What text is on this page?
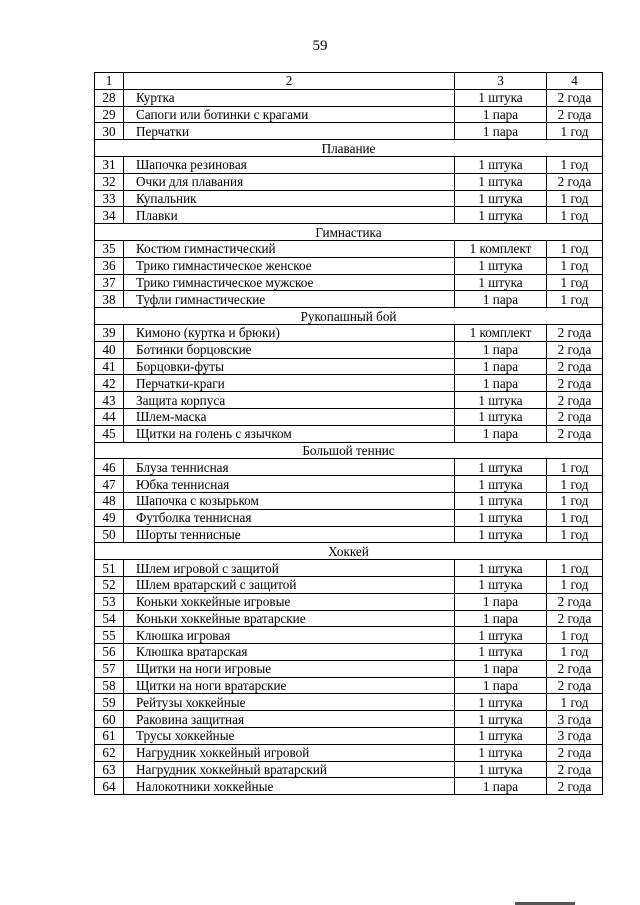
59
1	2	3	4
28	Куртка	1 штука	2 года
29	Сапоги или ботинки с крагами	1 пара	2 года
30	Перчатки	1 пара	1 год
Плавание			
31	Шапочка резиновая	1 штука	1 год
32	Очки для плавания	1 штука	2 года
33	Купальник	1 штука	1 год
34	Плавки	1 штука	1 год
Гимнастика			
35	Костюм гимнастический	1 комплект	1 год
36	Трико гимнастическое женское	1 штука	1 год
37	Трико гимнастическое мужское	1 штука	1 год
38	Туфли гимнастические	1 пара	1 год
Рукопашный бой			
39	Кимоно (куртка и брюки)	1 комплект	2 года
40	Ботинки борцовские	1 пара	2 года
41	Борцовки-футы	1 пара	2 года
42	Перчатки-краги	1 пара	2 года
43	Защита корпуса	1 штука	2 года
44	Шлем-маска	1 штука	2 года
45	Щитки на голень с язычком	1 пара	2 года
Большой теннис			
46	Блуза теннисная	1 штука	1 год
47	Юбка теннисная	1 штука	1 год
48	Шапочка с козырьком	1 штука	1 год
49	Футболка теннисная	1 штука	1 год
50	Шорты теннисные	1 штука	1 год
Хоккей			
51	Шлем игровой с защитой	1 штука	1 год
52	Шлем вратарский с защитой	1 штука	1 год
53	Коньки хоккейные игровые	1 пара	2 года
54	Коньки хоккейные вратарские	1 пара	2 года
55	Клюшка игровая	1 штука	1 год
56	Клюшка вратарская	1 штука	1 год
57	Щитки на ноги игровые	1 пара	2 года
58	Щитки на ноги вратарские	1 пара	2 года
59	Рейтузы хоккейные	1 штука	1 год
60	Раковина защитная	1 штука	3 года
61	Трусы хоккейные	1 штука	3 года
62	Нагрудник хоккейный игровой	1 штука	2 года
63	Нагрудник хоккейный вратарский	1 штука	2 года
64	Налокотники хоккейные	1 пара	2 года
